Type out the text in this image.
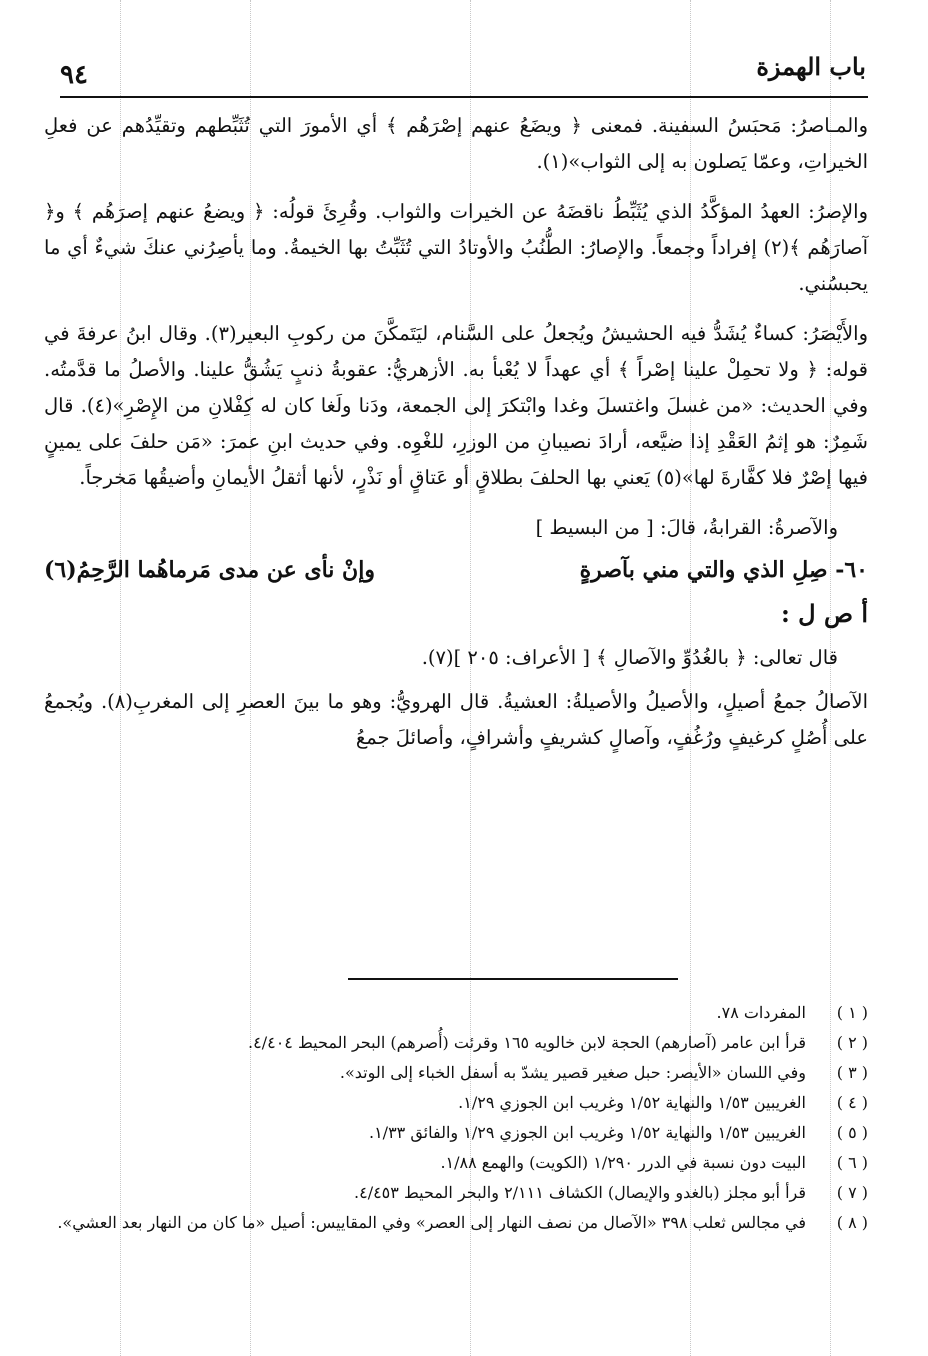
باب الهمزة
٩٤

والمـاصرُ: مَحبَسُ السفينة. فمعنى ﴿ ويضَعُ عنهم إصْرَهُم ﴾ أي الأمورَ التي تُثَبِّطهم وتقيِّدُهم عن فعلِ الخيراتِ، وعمّا يَصلون به إلى الثواب»(١).

والإصرُ: العهدُ المؤكَّدُ الذي يُثَبِّطُ ناقضَهُ عن الخيرات والثواب. وقُرِئَ قولُه: ﴿ ويضعُ عنهم إصرَهُم ﴾ و﴿ آصارَهُم ﴾(٢) إفراداً وجمعاً. والإصارُ: الطُّنُبُ والأوتادُ التي تُثَبِّتُ بها الخيمةُ. وما يأصِرُني عنكَ شيءٌ أي ما يحبسُني.

والأَيْصَرُ: كساءٌ يُشَدُّ فيه الحشيشُ ويُجعلُ على السَّنام، ليَتَمكَّنَ من ركوبِ البعير(٣). وقال ابنُ عرفةَ في قوله: ﴿ ولا تحمِلْ علينا إصْراً ﴾ أي عهداً لا يُعْبأ به. الأزهريُّ: عقوبةُ ذنبٍ يَشُقُّ علينا. والأصلُ ما قدَّمتُه. وفي الحديث: «من غسلَ واغتسلَ وغدا وابْتكرَ إلى الجمعة، ودَنا ولَغا كان له كِفْلانِ من الإِصْرِ»(٤). قال شَمِرٌ: هو إثمُ العَقْدِ إذا ضيَّعه، أرادَ نصيبانِ من الوزرِ، للغْوِه. وفي حديث ابنِ عمرَ: «مَن حلفَ على يمينٍ فيها إصْرٌ فلا كفَّارةَ لها»(٥) يَعني بها الحلفَ بطلاقٍ أو عَتاقٍ أو نَذْرٍ، لأنها أثقلُ الأيمانِ وأضيقُها مَخرجاً.

والآصرةُ: القرابةُ، قالَ: [ من البسيط ]

٦٠- صِلِ الذي والتي مني بآصرةٍ
وإنْ نأى عن مدى مَرماهُما الرَّحِمُ(٦)
أ ص ل :

قال تعالى: ﴿ بالغُدُوِّ والآصالِ ﴾ [ الأعراف: ٢٠٥ ](٧).

الآصالُ جمعُ أصيلٍ، والأصيلُ والأصيلةُ: العشيةُ. قال الهرويُّ: وهو ما بينَ العصرِ إلى المغربِ(٨). ويُجمعُ على أُصُلٍ كرغيفٍ ورُغُفٍ، وآصالٍ كشريفٍ وأشرافٍ، وأصائلَ جمعُ

( ١ )
المفردات ٧٨.
( ٢ )
قرأ ابن عامر (آصارهم) الحجة لابن خالويه ١٦٥ وقرئت (أُصرهم) البحر المحيط ٤/٤٠٤.
( ٣ )
وفي اللسان «الأيصر: حبل صغير قصير يشدّ به أسفل الخباء إلى الوتد».
( ٤ )
الغريبين ١/٥٣ والنهاية ١/٥٢ وغريب ابن الجوزي ١/٢٩.
( ٥ )
الغريبين ١/٥٣ والنهاية ١/٥٢ وغريب ابن الجوزي ١/٢٩ والفائق ١/٣٣.
( ٦ )
البيت دون نسبة في الدرر ١/٢٩٠ (الكويت) والهمع ١/٨٨.
( ٧ )
قرأ أبو مجلز (بالغدو والإيصال) الكشاف ٢/١١١ والبحر المحيط ٤/٤٥٣.
( ٨ )
في مجالس ثعلب ٣٩٨ «الآصال من نصف النهار إلى العصر» وفي المقاييس: أصيل «ما كان من النهار بعد العشي».
